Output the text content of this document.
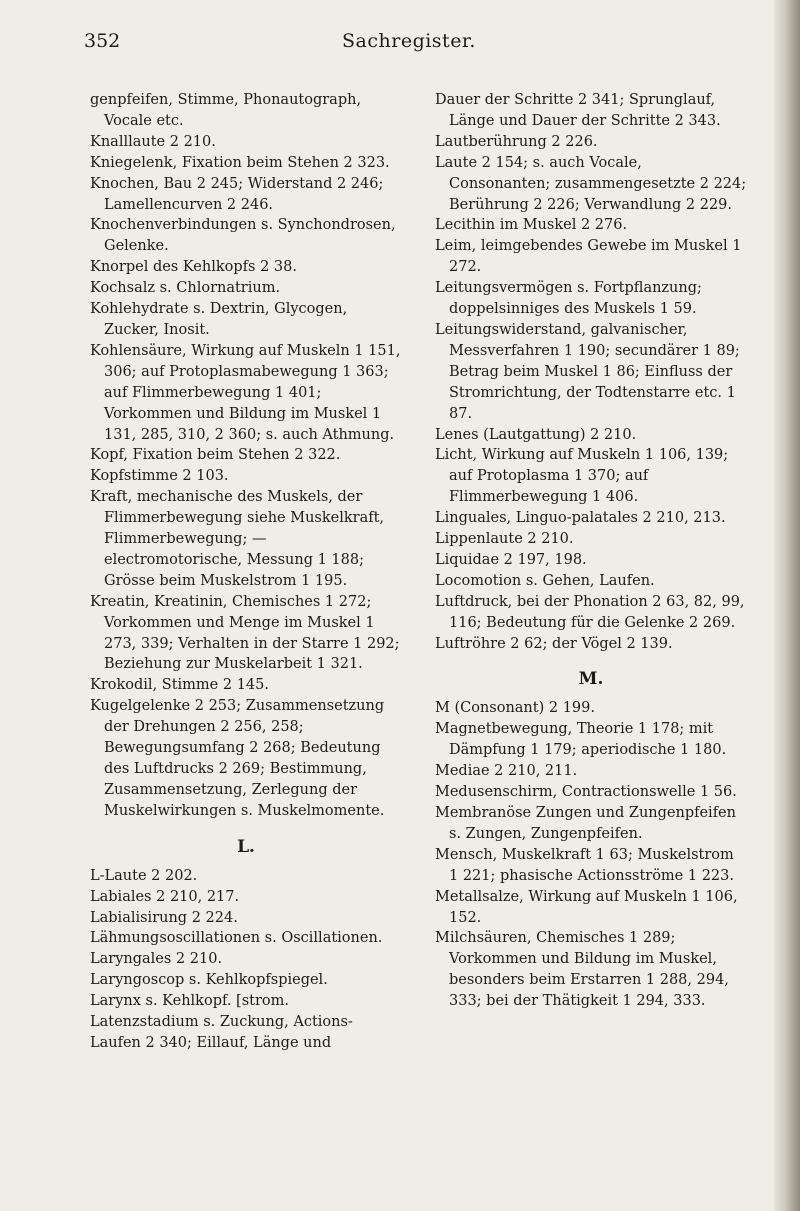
352	Sachregister.
genpfeifen, Stimme, Phonautograph, Vocale etc.
Knalllaute 2 210.
Kniegelenk, Fixation beim Stehen 2 323.
Knochen, Bau 2 245; Widerstand 2 246; Lamellencurven 2 246.
Knochenverbindungen s. Synchondrosen, Gelenke.
Knorpel des Kehlkopfs 2 38.
Kochsalz s. Chlornatrium.
Kohlehydrate s. Dextrin, Glycogen, Zucker, Inosit.
Kohlensäure, Wirkung auf Muskeln 1 151, 306; auf Protoplasmabewegung 1 363; auf Flimmerbewegung 1 401; Vorkommen und Bildung im Muskel 1 131, 285, 310, 2 360; s. auch Athmung.
Kopf, Fixation beim Stehen 2 322.
Kopfstimme 2 103.
Kraft, mechanische des Muskels, der Flimmerbewegung siehe Muskelkraft, Flimmerbewegung; — electromotorische, Messung 1 188; Grösse beim Muskelstrom 1 195.
Kreatin, Kreatinin, Chemisches 1 272; Vorkommen und Menge im Muskel 1 273, 339; Verhalten in der Starre 1 292; Beziehung zur Muskelarbeit 1 321.
Krokodil, Stimme 2 145.
Kugelgelenke 2 253; Zusammensetzung der Drehungen 2 256, 258; Bewegungsumfang 2 268; Bedeutung des Luftdrucks 2 269; Bestimmung, Zusammensetzung, Zerlegung der Muskelwirkungen s. Muskelmomente.
L.
L-Laute 2 202.
Labiales 2 210, 217.
Labialisirung 2 224.
Lähmungsoscillationen s. Oscillationen.
Laryngales 2 210.
Laryngoscop s. Kehlkopfspiegel.
Larynx s. Kehlkopf. [strom.
Latenzstadium s. Zuckung, Actions-
Laufen 2 340; Eillauf, Länge und
Dauer der Schritte 2 341; Sprunglauf, Länge und Dauer der Schritte 2 343.
Lautberührung 2 226.
Laute 2 154; s. auch Vocale, Consonanten; zusammengesetzte 2 224; Berührung 2 226; Verwandlung 2 229.
Lecithin im Muskel 2 276.
Leim, leimgebendes Gewebe im Muskel 1 272.
Leitungsvermögen s. Fortpflanzung; doppelsinniges des Muskels 1 59.
Leitungswiderstand, galvanischer, Messverfahren 1 190; secundärer 1 89; Betrag beim Muskel 1 86; Einfluss der Stromrichtung, der Todtenstarre etc. 1 87.
Lenes (Lautgattung) 2 210.
Licht, Wirkung auf Muskeln 1 106, 139; auf Protoplasma 1 370; auf Flimmerbewegung 1 406.
Linguales, Linguo-palatales 2 210, 213.
Lippenlaute 2 210.
Liquidae 2 197, 198.
Locomotion s. Gehen, Laufen.
Luftdruck, bei der Phonation 2 63, 82, 99, 116; Bedeutung für die Gelenke 2 269.
Luftröhre 2 62; der Vögel 2 139.
M.
M (Consonant) 2 199.
Magnetbewegung, Theorie 1 178; mit Dämpfung 1 179; aperiodische 1 180.
Mediae 2 210, 211.
Medusenschirm, Contractionswelle 1 56.
Membranöse Zungen und Zungenpfeifen s. Zungen, Zungenpfeifen.
Mensch, Muskelkraft 1 63; Muskelstrom 1 221; phasische Actionsströme 1 223.
Metallsalze, Wirkung auf Muskeln 1 106, 152.
Milchsäuren, Chemisches 1 289; Vorkommen und Bildung im Muskel, besonders beim Erstarren 1 288, 294, 333; bei der Thätigkeit 1 294, 333.
